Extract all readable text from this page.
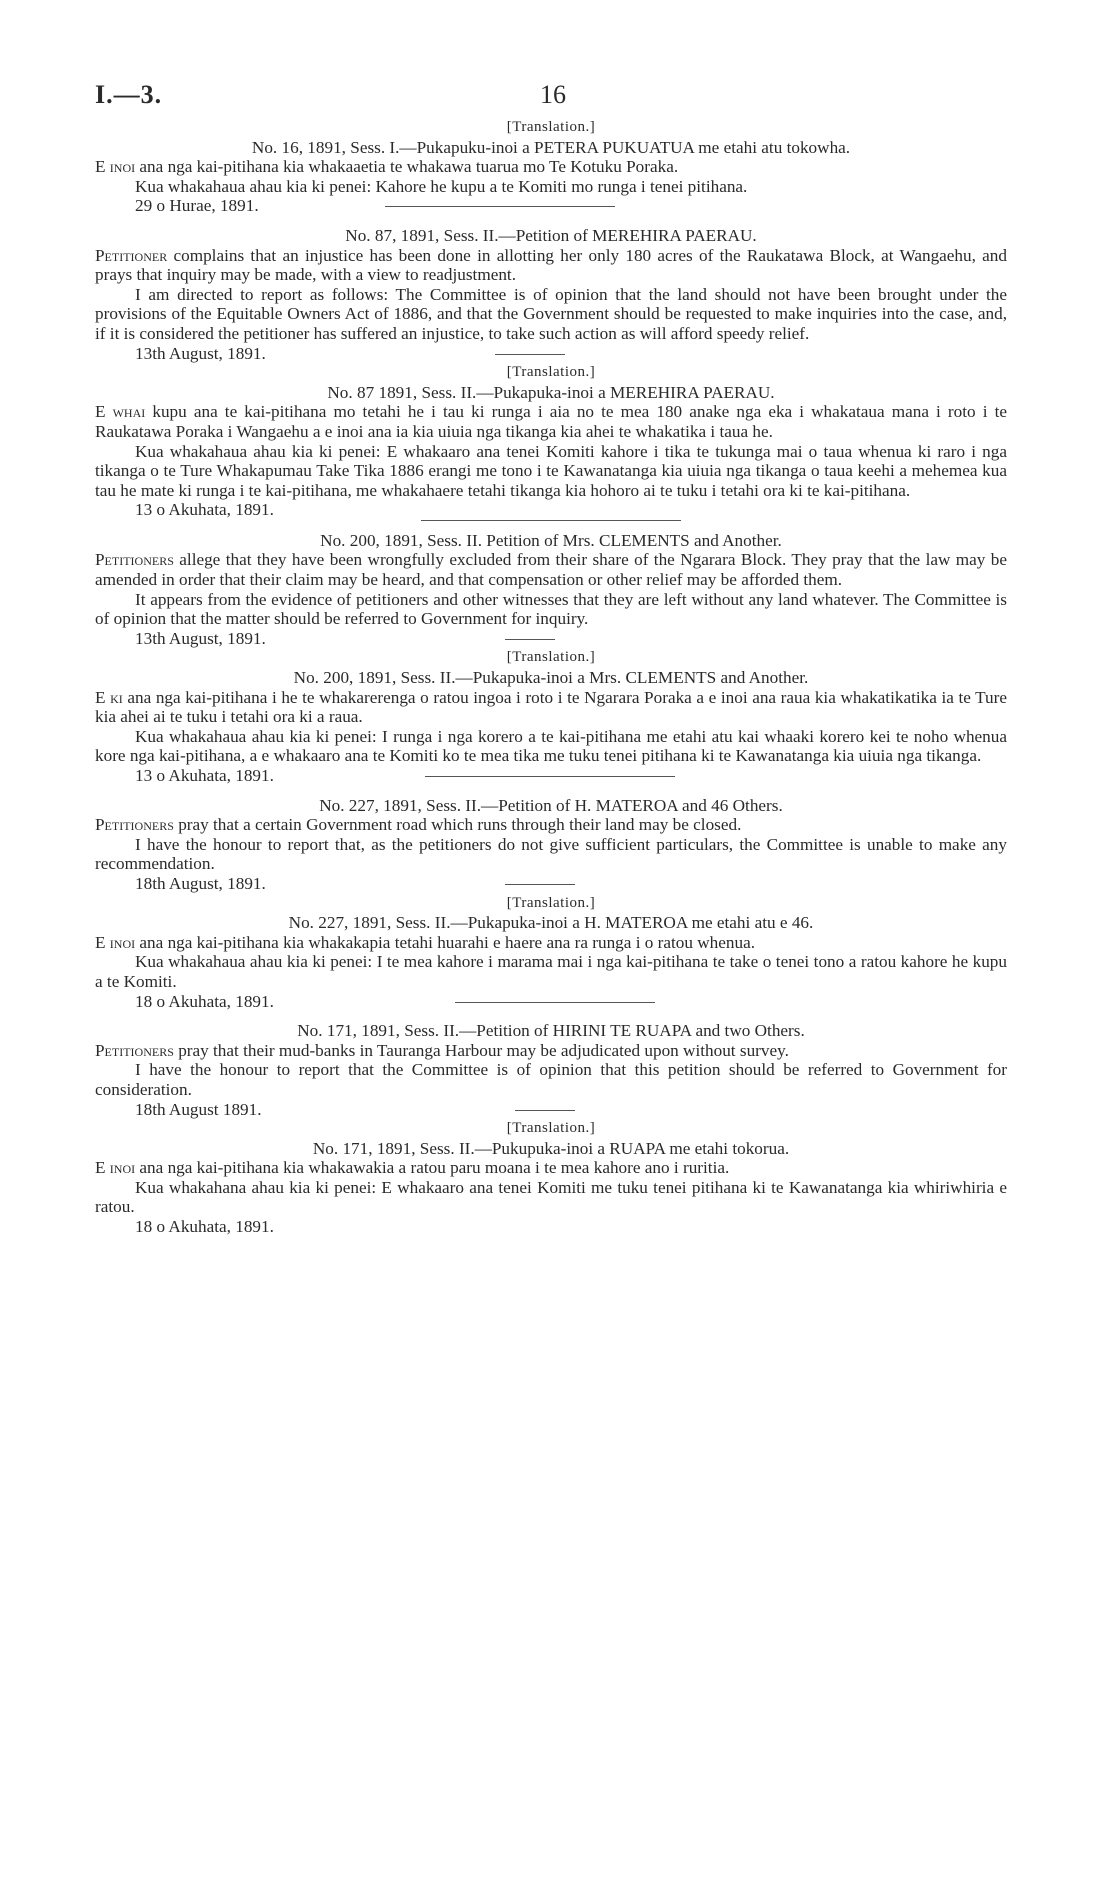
I.—3.	16

[Translation.]

No. 16, 1891, Sess. I.—Pukapuku-inoi a PETERA PUKUATUA me etahi atu tokowha.

E inoi ana nga kai-pitihana kia whakaaetia te whakawa tuarua mo Te Kotuku Poraka.

Kua whakahaua ahau kia ki penei: Kahore he kupu a te Komiti mo runga i tenei pitihana.

29 o Hurae, 1891.

No. 87, 1891, Sess. II.—Petition of MEREHIRA PAERAU.

Petitioner complains that an injustice has been done in allotting her only 180 acres of the Raukatawa Block, at Wangaehu, and prays that inquiry may be made, with a view to readjustment.

I am directed to report as follows: The Committee is of opinion that the land should not have been brought under the provisions of the Equitable Owners Act of 1886, and that the Government should be requested to make inquiries into the case, and, if it is considered the petitioner has suffered an injustice, to take such action as will afford speedy relief.

13th August, 1891.

[Translation.]

No. 87 1891, Sess. II.—Pukapuka-inoi a MEREHIRA PAERAU.

E whai kupu ana te kai-pitihana mo tetahi he i tau ki runga i aia no te mea 180 anake nga eka i whakataua mana i roto i te Raukatawa Poraka i Wangaehu a e inoi ana ia kia uiuia nga tikanga kia ahei te whakatika i taua he.

Kua whakahaua ahau kia ki penei: E whakaaro ana tenei Komiti kahore i tika te tukunga mai o taua whenua ki raro i nga tikanga o te Ture Whakapumau Take Tika 1886 erangi me tono i te Kawanatanga kia uiuia nga tikanga o taua keehi a mehemea kua tau he mate ki runga i te kai-pitihana, me whakahaere tetahi tikanga kia hohoro ai te tuku i tetahi ora ki te kai-pitihana.

13 o Akuhata, 1891.

No. 200, 1891, Sess. II. Petition of Mrs. CLEMENTS and Another.

Petitioners allege that they have been wrongfully excluded from their share of the Ngarara Block. They pray that the law may be amended in order that their claim may be heard, and that compensation or other relief may be afforded them.

It appears from the evidence of petitioners and other witnesses that they are left without any land whatever. The Committee is of opinion that the matter should be referred to Government for inquiry.

13th August, 1891.

[Translation.]

No. 200, 1891, Sess. II.—Pukapuka-inoi a Mrs. CLEMENTS and Another.

E ki ana nga kai-pitihana i he te whakarerenga o ratou ingoa i roto i te Ngarara Poraka a e inoi ana raua kia whakatikatika ia te Ture kia ahei ai te tuku i tetahi ora ki a raua.

Kua whakahaua ahau kia ki penei: I runga i nga korero a te kai-pitihana me etahi atu kai whaaki korero kei te noho whenua kore nga kai-pitihana, a e whakaaro ana te Komiti ko te mea tika me tuku tenei pitihana ki te Kawanatanga kia uiuia nga tikanga.

13 o Akuhata, 1891.

No. 227, 1891, Sess. II.—Petition of H. MATEROA and 46 Others.

Petitioners pray that a certain Government road which runs through their land may be closed.

I have the honour to report that, as the petitioners do not give sufficient particulars, the Committee is unable to make any recommendation.

18th August, 1891.

[Translation.]

No. 227, 1891, Sess. II.—Pukapuka-inoi a H. MATEROA me etahi atu e 46.

E inoi ana nga kai-pitihana kia whakakapia tetahi huarahi e haere ana ra runga i o ratou whenua.

Kua whakahaua ahau kia ki penei: I te mea kahore i marama mai i nga kai-pitihana te take o tenei tono a ratou kahore he kupu a te Komiti.

18 o Akuhata, 1891.

No. 171, 1891, Sess. II.—Petition of HIRINI TE RUAPA and two Others.

Petitioners pray that their mud-banks in Tauranga Harbour may be adjudicated upon without survey.

I have the honour to report that the Committee is of opinion that this petition should be referred to Government for consideration.

18th August 1891.

[Translation.]

No. 171, 1891, Sess. II.—Pukupuka-inoi a RUAPA me etahi tokorua.

E inoi ana nga kai-pitihana kia whakawakia a ratou paru moana i te mea kahore ano i ruritia.

Kua whakahana ahau kia ki penei: E whakaaro ana tenei Komiti me tuku tenei pitihana ki te Kawanatanga kia whiriwhiria e ratou.

18 o Akuhata, 1891.
